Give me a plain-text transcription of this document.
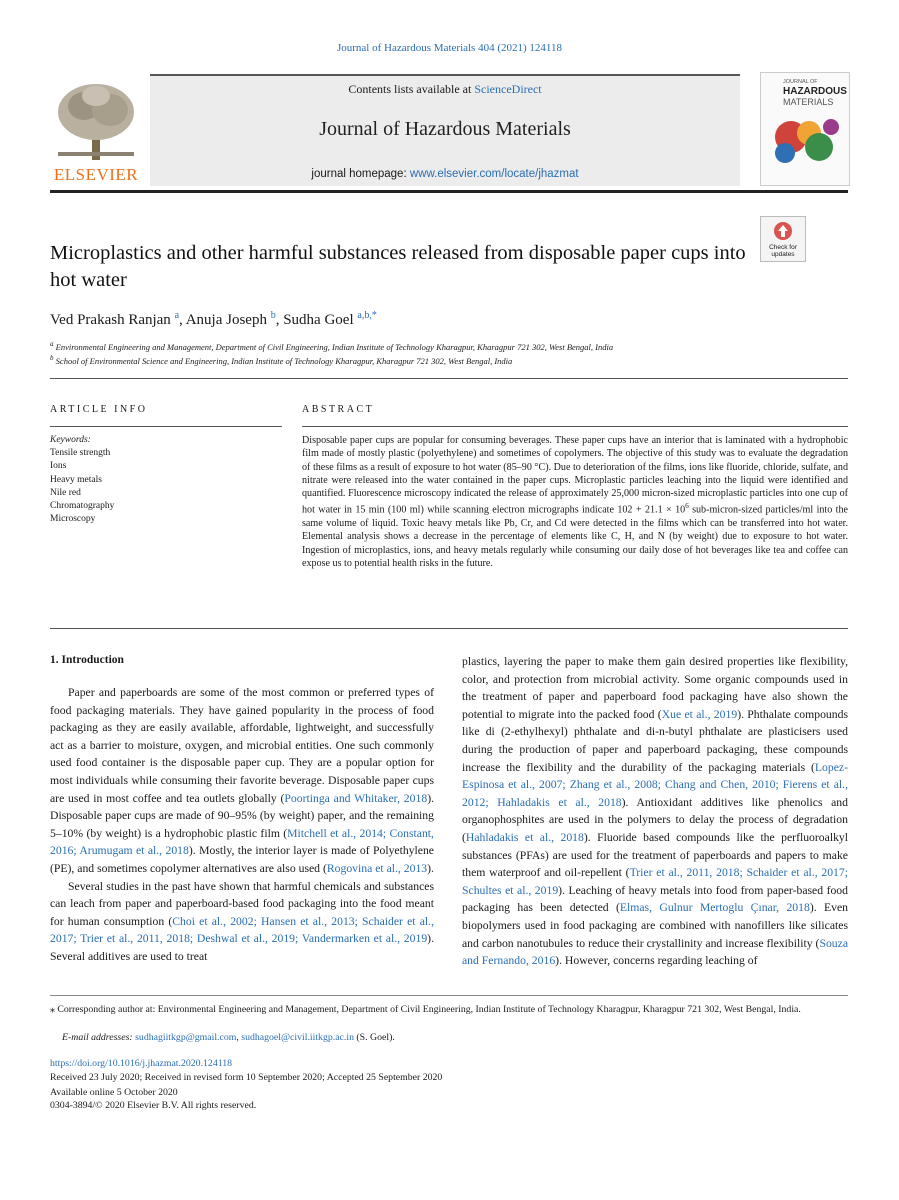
Journal of Hazardous Materials 404 (2021) 124118
ELSEVIER
Contents lists available at ScienceDirect
Journal of Hazardous Materials
journal homepage: www.elsevier.com/locate/jhazmat
JOURNAL OF
HAZARDOUS
MATERIALS
Microplastics and other harmful substances released from disposable paper cups into hot water
Check for
updates
Ved Prakash Ranjan $^a$, Anuja Joseph $^b$, Sudha Goel $^{a,b,*}$
$^a$ Environmental Engineering and Management, Department of Civil Engineering, Indian Institute of Technology Kharagpur, Kharagpur 721 302, West Bengal, India
$^b$ School of Environmental Science and Engineering, Indian Institute of Technology Kharagpur, Kharagpur 721 302, West Bengal, India
ARTICLE INFO
Keywords:
Tensile strength
Ions
Heavy metals
Nile red
Chromatography
Microscopy
ABSTRACT
Disposable paper cups are popular for consuming beverages. These paper cups have an interior that is laminated with a hydrophobic film made of mostly plastic (polyethylene) and sometimes of copolymers. The objective of this study was to evaluate the degradation of these films as a result of exposure to hot water (85–90 °C). Due to deterioration of the films, ions like fluoride, chloride, sulfate, and nitrate were released into the water contained in the paper cups. Microplastic particles leaching into the liquid were identified and quantified. Fluorescence microscopy indicated the release of approximately 25,000 micron-sized microplastic particles into one cup of hot water in 15 min (100 ml) while scanning electron micrographs indicate $102 + 21.1 \times 10^6$ sub-micron-sized particles/ml into the same volume of liquid. Toxic heavy metals like Pb, Cr, and Cd were detected in the films which can be transferred into hot water. Elemental analysis shows a decrease in the percentage of elements like C, H, and N (by weight) due to exposure to hot water. Ingestion of microplastics, ions, and heavy metals regularly while consuming our daily dose of hot beverages like tea and coffee can expose us to potential health risks in the future.
1. Introduction

Paper and paperboards are some of the most common or preferred types of food packaging materials. They have gained popularity in the process of food packaging as they are easily available, affordable, lightweight, and successfully act as a barrier to moisture, oxygen, and microbial entities. One such commonly used food container is the disposable paper cup. They are a popular option for most individuals while consuming their favorite beverage. Disposable paper cups are used in most coffee and tea outlets globally (Poortinga and Whitaker, 2018). Disposable paper cups are made of 90–95% (by weight) paper, and the remaining 5–10% (by weight) is a hydrophobic plastic film (Mitchell et al., 2014; Constant, 2016; Arumugam et al., 2018). Mostly, the interior layer is made of Polyethylene (PE), and sometimes copolymer alternatives are also used (Rogovina et al., 2013).

Several studies in the past have shown that harmful chemicals and substances can leach from paper and paperboard-based food packaging into the food meant for human consumption (Choi et al., 2002; Hansen et al., 2013; Schaider et al., 2017; Trier et al., 2011, 2018; Deshwal et al., 2019; Vandermarken et al., 2019). Several additives are used to treat

plastics, layering the paper to make them gain desired properties like flexibility, color, and protection from microbial activity. Some organic compounds used in the treatment of paper and paperboard food packaging have also shown the potential to migrate into the packed food (Xue et al., 2019). Phthalate compounds like di (2-ethylhexyl) phthalate and di-n-butyl phthalate are plasticisers used during the production of paper and paperboard packaging, these compounds increase the flexibility and the durability of the packaging materials (Lopez-Espinosa et al., 2007; Zhang et al., 2008; Chang and Chen, 2010; Fierens et al., 2012; Hahladakis et al., 2018). Antioxidant additives like phenolics and organophosphites are used in the polymers to delay the process of degradation (Hahladakis et al., 2018). Fluoride based compounds like the perfluoroalkyl substances (PFAs) are used for the treatment of paperboards and papers to make them waterproof and oil-repellent (Trier et al., 2011, 2018; Schaider et al., 2017; Schultes et al., 2019). Leaching of heavy metals into food from paper-based food packaging has been detected (Elmas, Gulnur Mertoglu Çınar, 2018). Even biopolymers used in food packaging are combined with nanofillers like silicates and carbon nanotubules to reduce their crystallinity and increase flexibility (Souza and Fernando, 2016). However, concerns regarding leaching of

⁎ Corresponding author at: Environmental Engineering and Management, Department of Civil Engineering, Indian Institute of Technology Kharagpur, Kharagpur 721 302, West Bengal, India.
E-mail addresses: sudhagiitkgp@gmail.com, sudhagoel@civil.iitkgp.ac.in (S. Goel).
https://doi.org/10.1016/j.jhazmat.2020.124118
Received 23 July 2020; Received in revised form 10 September 2020; Accepted 25 September 2020
Available online 5 October 2020
0304-3894/© 2020 Elsevier B.V. All rights reserved.
